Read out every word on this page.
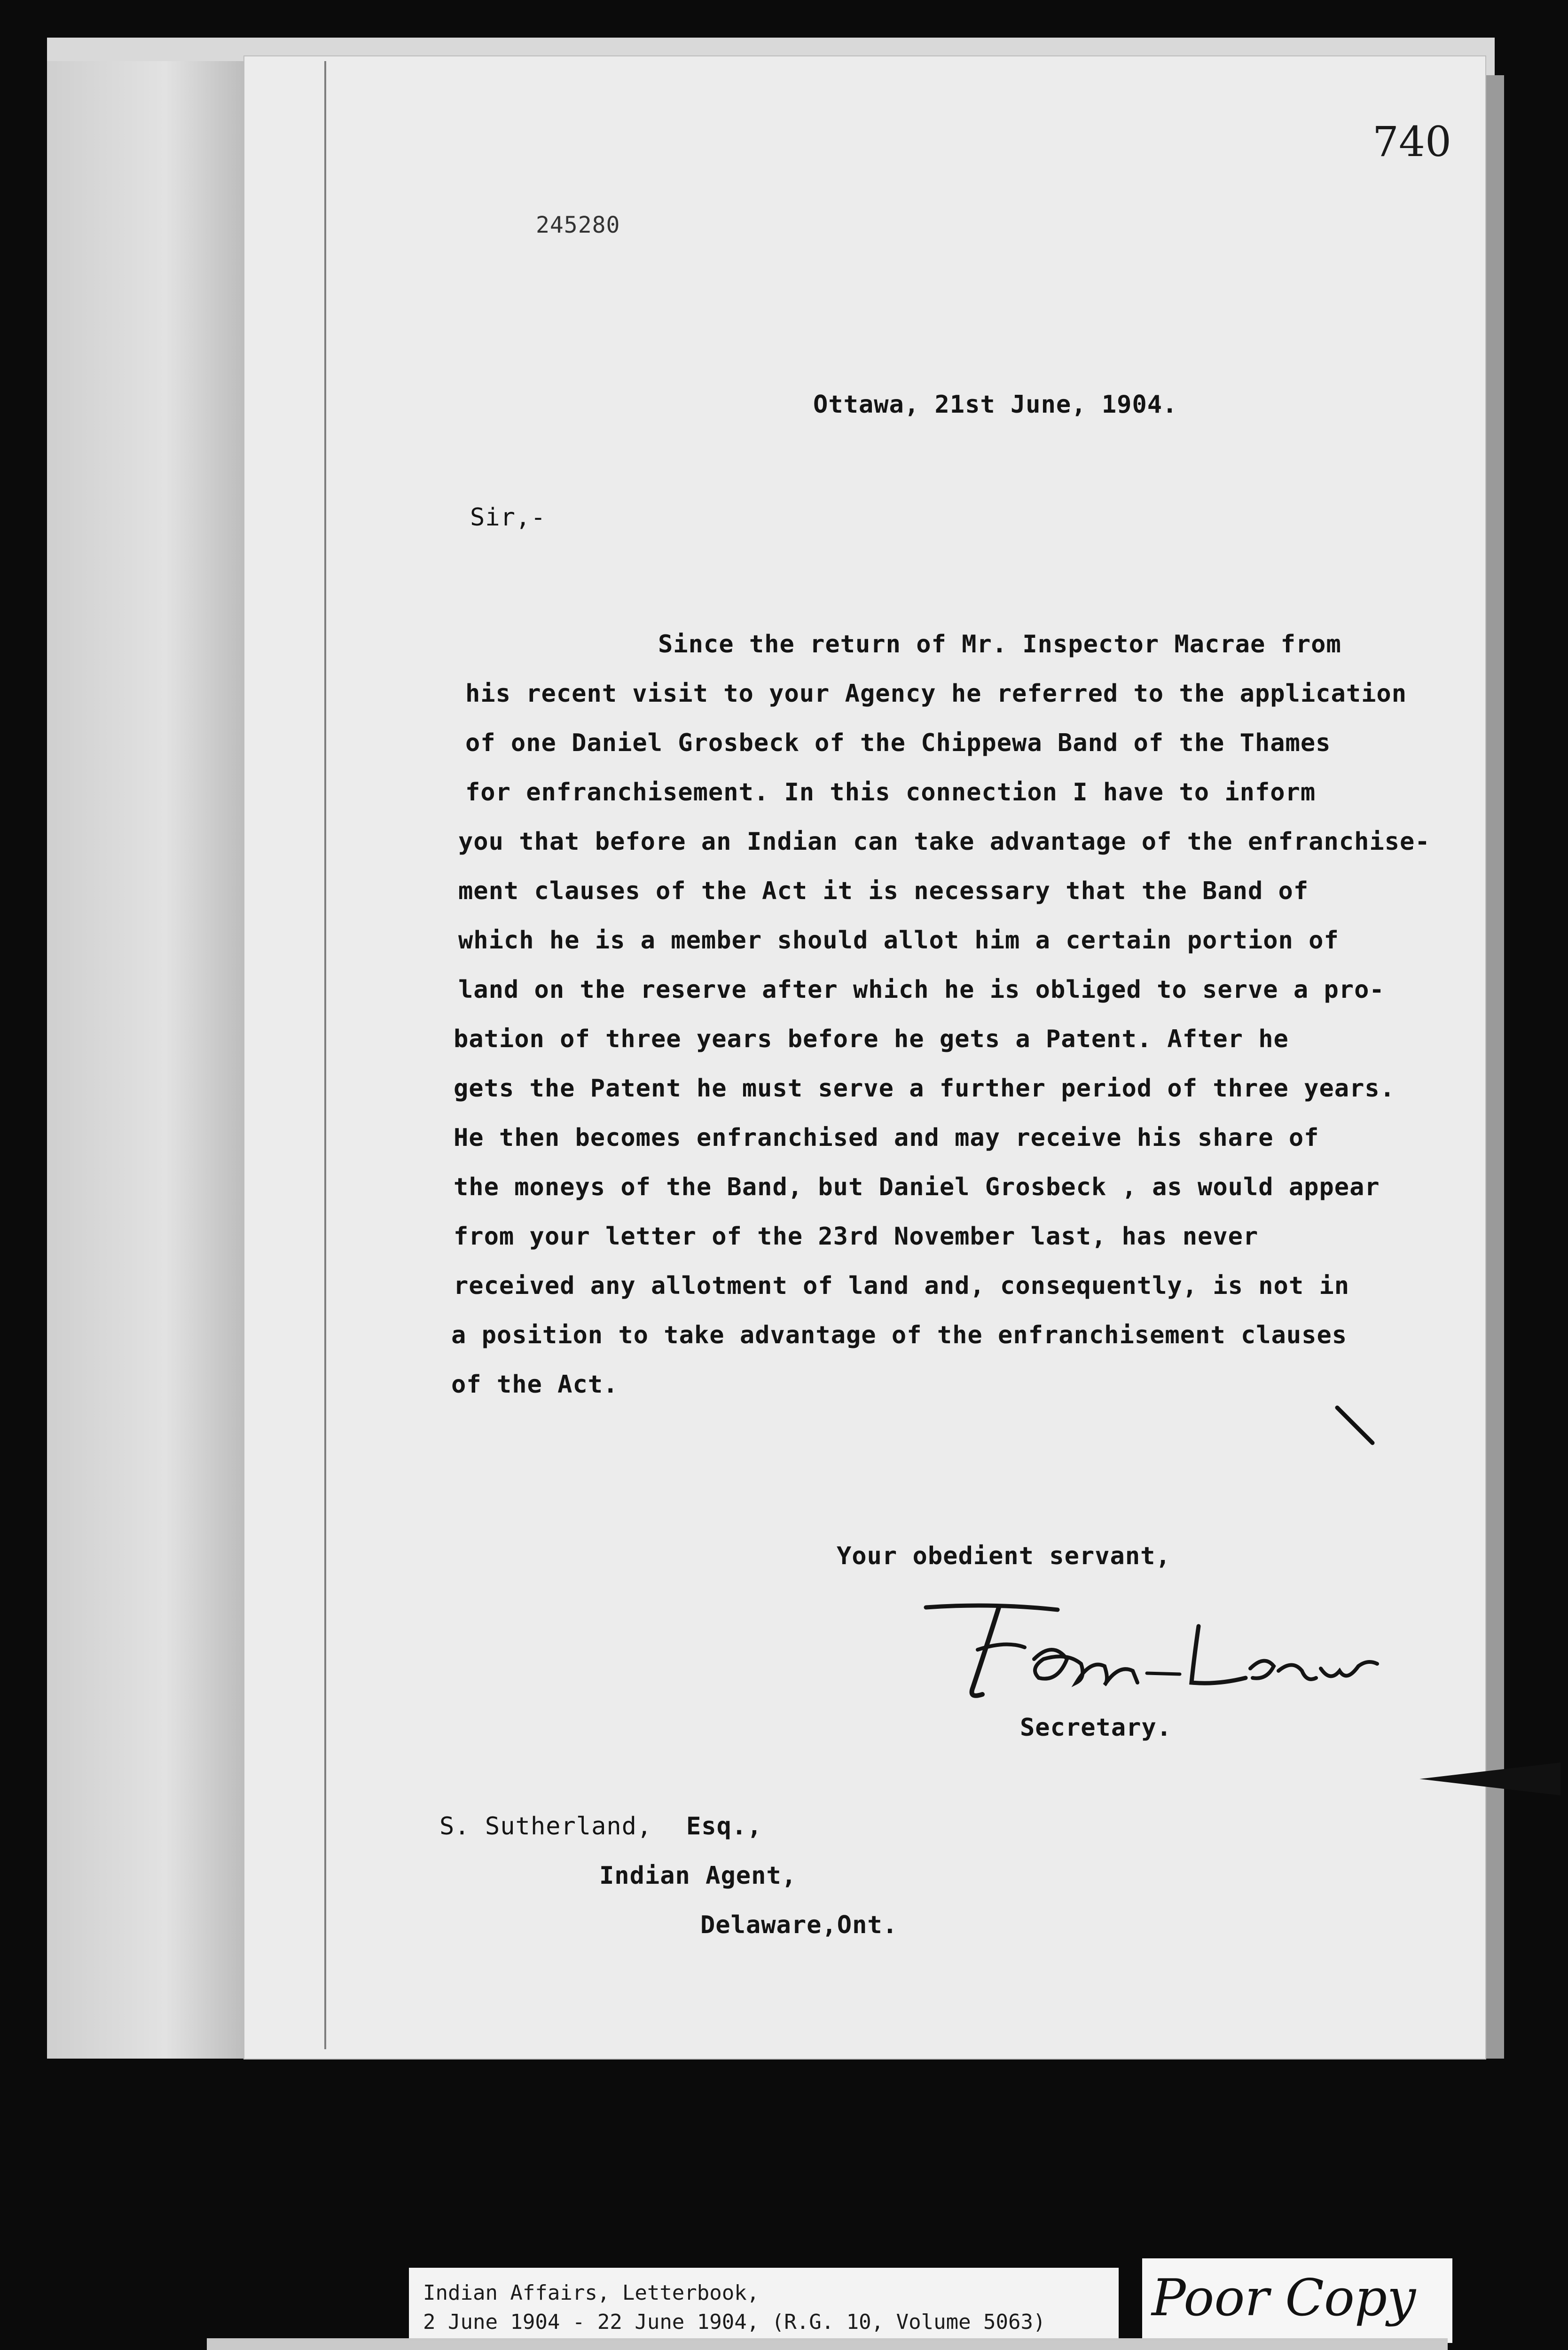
740
245280
Ottawa, 21st June, 1904.
Sir,-
Since the return of Mr. Inspector Macrae from
his recent visit to your Agency he referred to the application
of one Daniel Grosbeck of the Chippewa Band of the Thames
for enfranchisement. In this connection I have to inform
you that before an Indian can take advantage of the enfranchise-
ment clauses of the Act it is necessary that the Band of
which he is a member should allot him a certain portion of
land on the reserve after which he is obliged to serve a pro-
bation of three years before he gets a Patent. After he
gets the Patent he must serve a further period of three years.
He then becomes enfranchised and may receive his share of
the moneys of the Band, but Daniel Grosbeck , as would appear
from your letter of the 23rd November last, has never
received any allotment of land and, consequently, is not in
a position to take advantage of the enfranchisement clauses
of the Act.
Your obedient servant,
Secretary.
S. Sutherland, Esq.,
Indian Agent,
Delaware,Ont.
Indian Affairs, Letterbook,
2 June 1904 - 22 June 1904, (R.G. 10, Volume 5063) Poor Copy
